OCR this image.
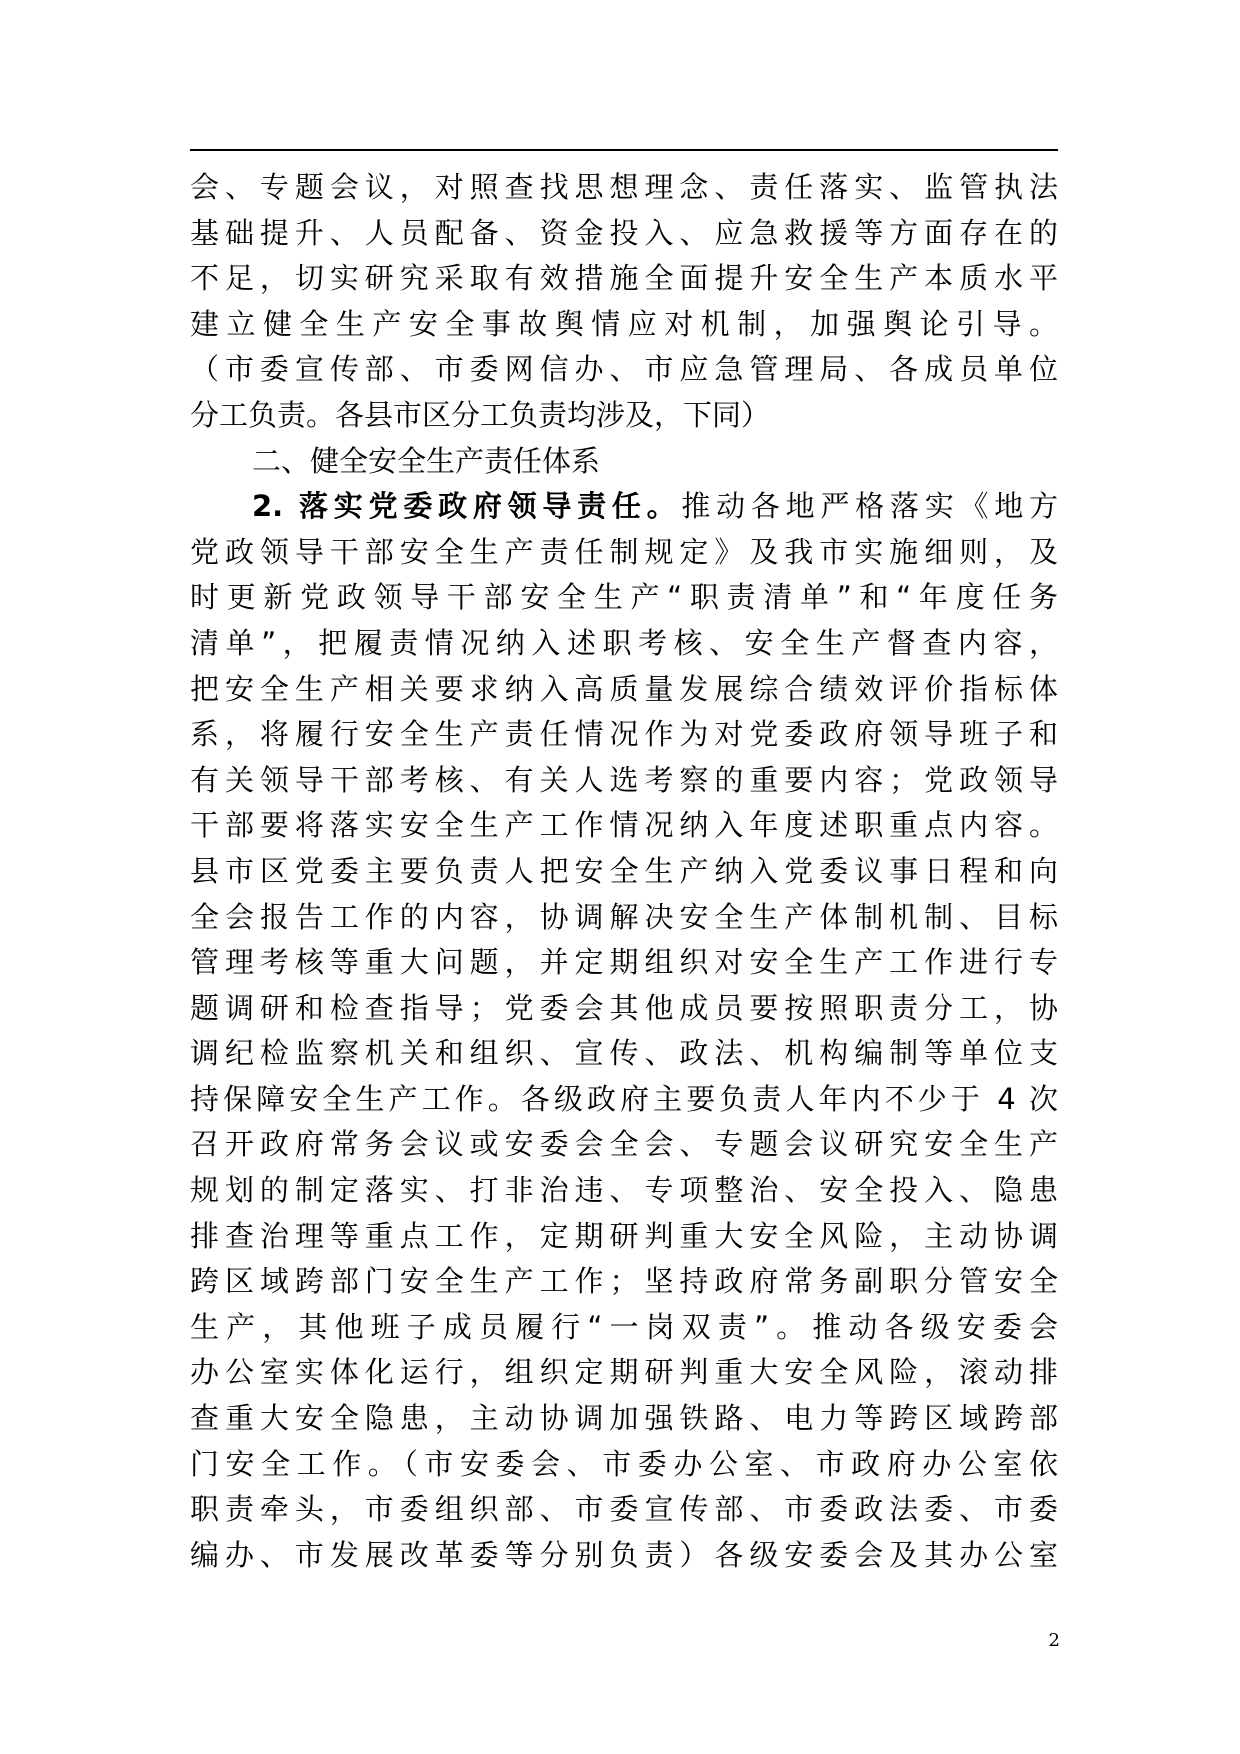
会、专题会议，对照查找思想理念、责任落实、监管执法
基础提升、人员配备、资金投入、应急救援等方面存在的
不足，切实研究采取有效措施全面提升安全生产本质水平
建立健全生产安全事故舆情应对机制，加强舆论引导。
（市委宣传部、市委网信办、市应急管理局、各成员单位
分工负责。各县市区分工负责均涉及，下同）
二、健全安全生产责任体系
2. 落实党委政府领导责任。推动各地严格落实《地方
党政领导干部安全生产责任制规定》及我市实施细则，及
时更新党政领导干部安全生产“职责清单”和“年度任务
清单”，把履责情况纳入述职考核、安全生产督查内容，
把安全生产相关要求纳入高质量发展综合绩效评价指标体
系，将履行安全生产责任情况作为对党委政府领导班子和
有关领导干部考核、有关人选考察的重要内容；党政领导
干部要将落实安全生产工作情况纳入年度述职重点内容。
县市区党委主要负责人把安全生产纳入党委议事日程和向
全会报告工作的内容，协调解决安全生产体制机制、目标
管理考核等重大问题，并定期组织对安全生产工作进行专
题调研和检查指导；党委会其他成员要按照职责分工，协
调纪检监察机关和组织、宣传、政法、机构编制等单位支
持保障安全生产工作。各级政府主要负责人年内不少于 4 次
召开政府常务会议或安委会全会、专题会议研究安全生产
规划的制定落实、打非治违、专项整治、安全投入、隐患
排查治理等重点工作，定期研判重大安全风险，主动协调
跨区域跨部门安全生产工作；坚持政府常务副职分管安全
生产，其他班子成员履行“一岗双责”。推动各级安委会
办公室实体化运行，组织定期研判重大安全风险，滚动排
查重大安全隐患，主动协调加强铁路、电力等跨区域跨部
门安全工作。（市安委会、市委办公室、市政府办公室依
职责牵头，市委组织部、市委宣传部、市委政法委、市委
编办、市发展改革委等分别负责）各级安委会及其办公室
2
